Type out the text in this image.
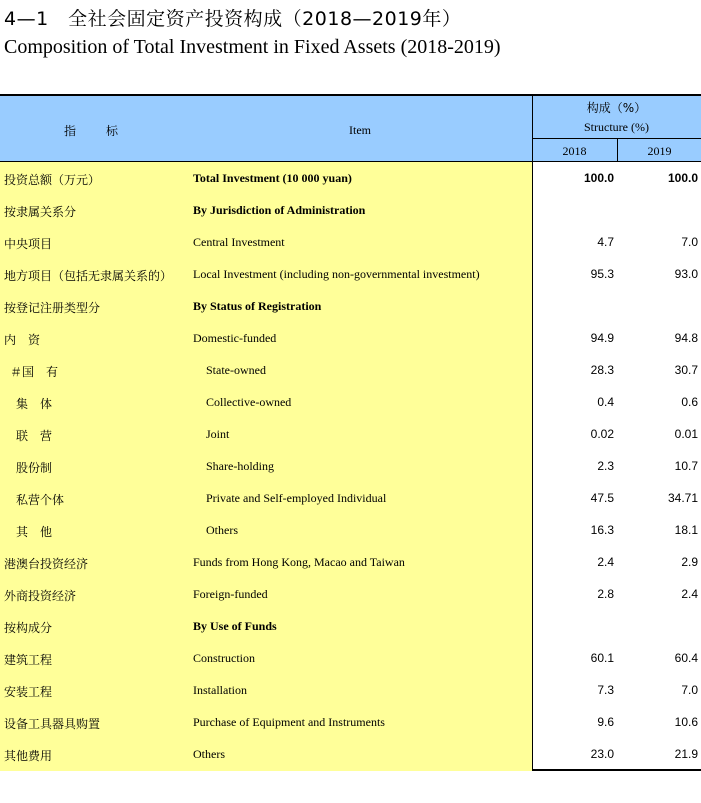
4—1　全社会固定资产投资构成（2018—2019年）
Composition of Total Investment in Fixed Assets (2018-2019)
指　　标	Item
构成（%）
Structure (%)
2018	2019
投资总额（万元）	Total Investment (10 000 yuan)	100.0	100.0
按隶属关系分	By Jurisdiction of Administration
中央项目	Central Investment	4.7	7.0
地方项目（包括无隶属关系的） Local Investment (including non-governmental investment)	95.3	93.0
按登记注册类型分	By Status of Registration
内　资	Domestic-funded	94.9	94.8
＃国　有	State-owned	28.3	30.7
集　体	Collective-owned	0.4	0.6
联　营	Joint	0.02	0.01
股份制	Share-holding	2.3	10.7
私营个体	Private and Self-employed Individual	47.5	34.71
其　他	Others	16.3	18.1
港澳台投资经济	Funds from Hong Kong, Macao and Taiwan	2.4	2.9
外商投资经济	Foreign-funded	2.8	2.4
按构成分	By Use of Funds
建筑工程	Construction	60.1	60.4
安装工程	Installation	7.3	7.0
设备工具器具购置	Purchase of Equipment and Instruments	9.6	10.6
其他费用	Others	23.0	21.9
